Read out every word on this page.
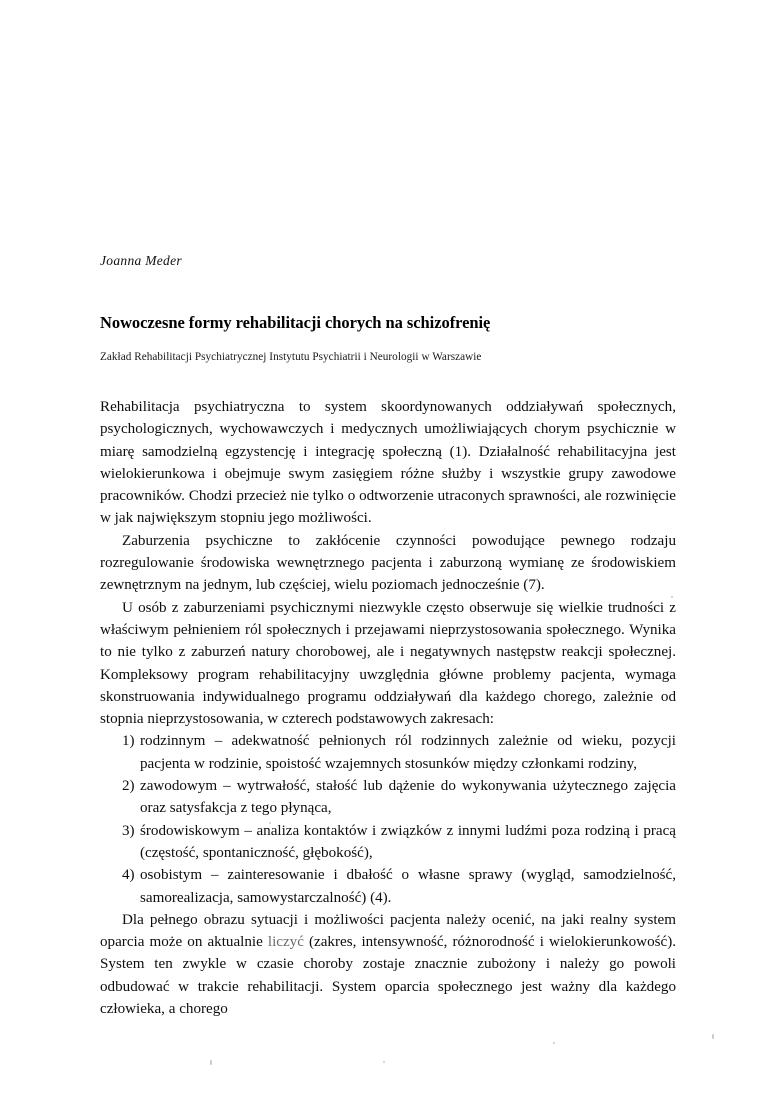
Joanna Meder
Nowoczesne formy rehabilitacji chorych na schizofrenię
Zakład Rehabilitacji Psychiatrycznej Instytutu Psychiatrii i Neurologii w Warszawie

Rehabilitacja psychiatryczna to system skoordynowanych oddziaływań społecznych, psychologicznych, wychowawczych i medycznych umożliwiających chorym psychicznie w miarę samodzielną egzystencję i integrację społeczną (1). Działalność rehabilitacyjna jest wielokierunkowa i obejmuje swym zasięgiem różne służby i wszystkie grupy zawodowe pracowników. Chodzi przecież nie tylko o odtworzenie utraconych sprawności, ale rozwinięcie w jak największym stopniu jego możliwości.

Zaburzenia psychiczne to zakłócenie czynności powodujące pewnego rodzaju rozregulowanie środowiska wewnętrznego pacjenta i zaburzoną wymianę ze środowiskiem zewnętrznym na jednym, lub częściej, wielu poziomach jednocześnie (7).

U osób z zaburzeniami psychicznymi niezwykle często obserwuje się wielkie trudności z właściwym pełnieniem ról społecznych i przejawami nieprzystosowania społecznego. Wynika to nie tylko z zaburzeń natury chorobowej, ale i negatywnych następstw reakcji społecznej. Kompleksowy program rehabilitacyjny uwzględnia główne problemy pacjenta, wymaga skonstruowania indywidualnego programu oddziaływań dla każdego chorego, zależnie od stopnia nieprzystosowania, w czterech podstawowych zakresach:

1) rodzinnym – adekwatność pełnionych ról rodzinnych zależnie od wieku, pozycji pacjenta w rodzinie, spoistość wzajemnych stosunków między członkami rodziny,
2) zawodowym – wytrwałość, stałość lub dążenie do wykonywania użytecznego zajęcia oraz satysfakcja z tego płynąca,
3) środowiskowym – analiza kontaktów i związków z innymi ludźmi poza rodziną i pracą (częstość, spontaniczność, głębokość),
4) osobistym – zainteresowanie i dbałość o własne sprawy (wygląd, samodzielność, samorealizacja, samowystarczalność) (4).

Dla pełnego obrazu sytuacji i możliwości pacjenta należy ocenić, na jaki realny system oparcia może on aktualnie liczyć (zakres, intensywność, różnorodność i wielokierunkowość). System ten zwykle w czasie choroby zostaje znacznie zubożony i należy go powoli odbudować w trakcie rehabilitacji. System oparcia społecznego jest ważny dla każdego człowieka, a chorego
